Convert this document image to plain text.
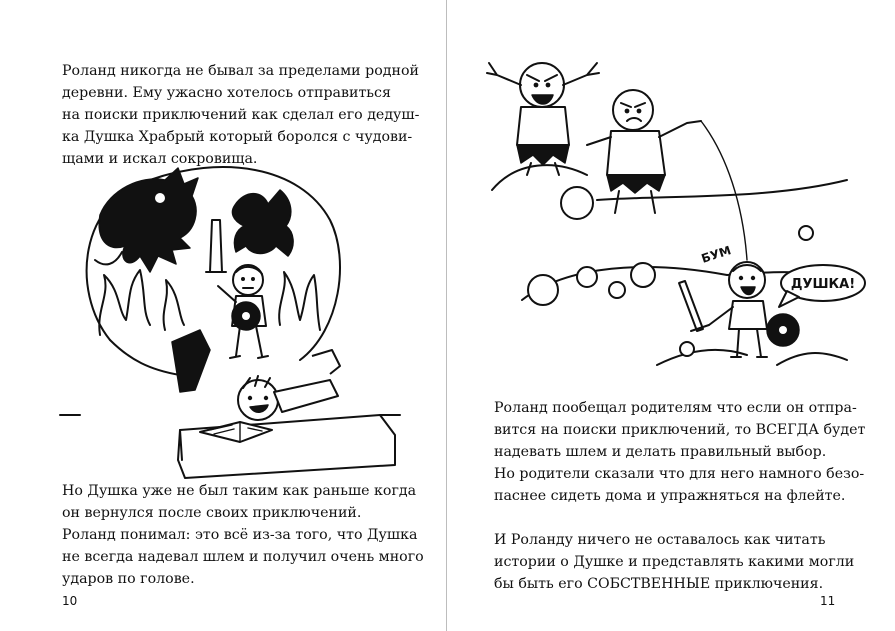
Роланд никогда не бывал за пределами родной
деревни. Ему ужасно хотелось отправиться
на поиски приключений как сделал его дедуш-
ка Душка Храбрый который боролся с чудови-
щами и искал сокровища.
Но Душка уже не был таким как раньше когда
он вернулся после своих приключений.
Роланд понимал: это всё из-за того, что Душка
не всегда надевал шлем и получил очень много
ударов по голове.
10
БУМ
ДУШКА!
Роланд пообещал родителям что если он отпра-
вится на поиски приключений, то ВСЕГДА будет
надевать шлем и делать правильный выбор.
Но родители сказали что для него намного безо-
паснее сидеть дома и упражняться на флейте.
И Роланду ничего не оставалось как читать
истории о Душке и представлять какими могли
бы быть его СОБСТВЕННЫЕ приключения.
11
